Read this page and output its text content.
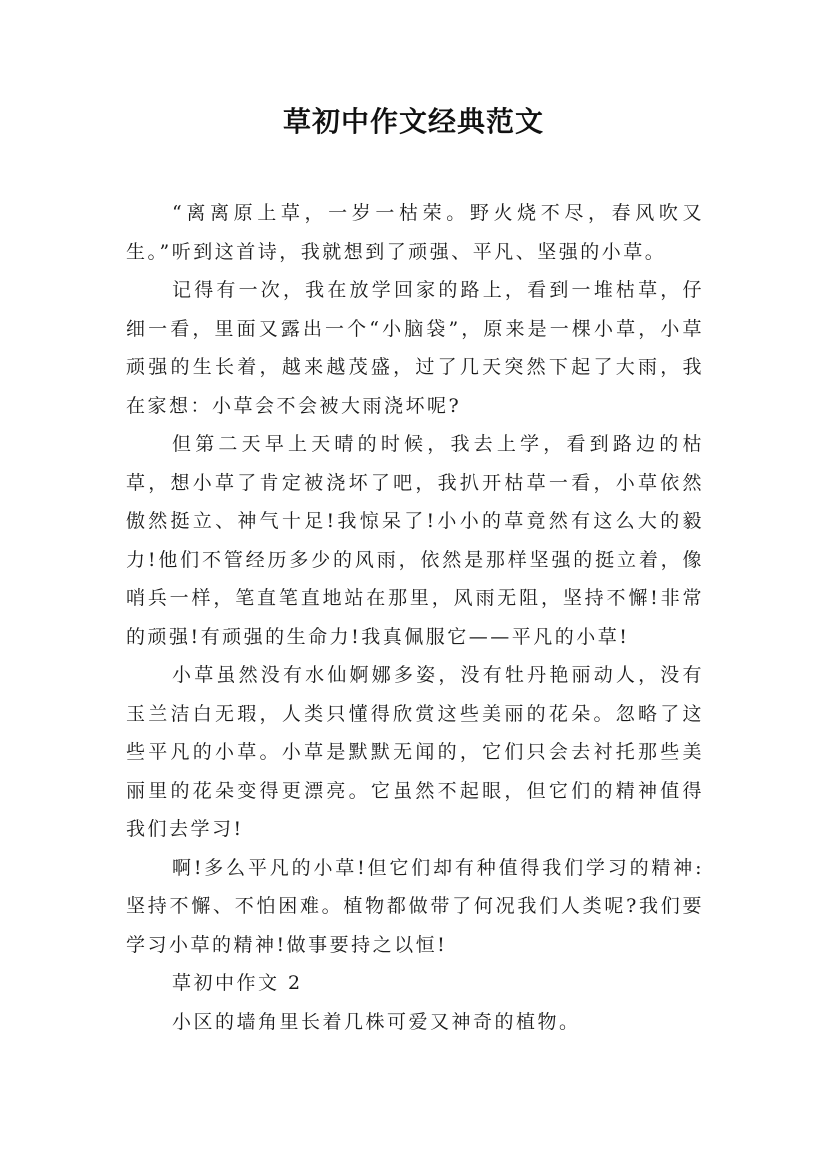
草初中作文经典范文

“离离原上草，一岁一枯荣。野火烧不尽，春风吹又生。”听到这首诗，我就想到了顽强、平凡、坚强的小草。

记得有一次，我在放学回家的路上，看到一堆枯草，仔细一看，里面又露出一个“小脑袋”，原来是一棵小草，小草顽强的生长着，越来越茂盛，过了几天突然下起了大雨，我在家想：小草会不会被大雨浇坏呢?

但第二天早上天晴的时候，我去上学，看到路边的枯草，想小草了肯定被浇坏了吧，我扒开枯草一看，小草依然傲然挺立、神气十足!我惊呆了!小小的草竟然有这么大的毅力!他们不管经历多少的风雨，依然是那样坚强的挺立着，像哨兵一样，笔直笔直地站在那里，风雨无阻，坚持不懈!非常的顽强!有顽强的生命力!我真佩服它——平凡的小草!

小草虽然没有水仙婀娜多姿，没有牡丹艳丽动人，没有玉兰洁白无瑕，人类只懂得欣赏这些美丽的花朵。忽略了这些平凡的小草。小草是默默无闻的，它们只会去衬托那些美丽里的花朵变得更漂亮。它虽然不起眼，但它们的精神值得我们去学习!

啊!多么平凡的小草!但它们却有种值得我们学习的精神:坚持不懈、不怕困难。植物都做带了何况我们人类呢?我们要学习小草的精神!做事要持之以恒!

草初中作文 2

小区的墙角里长着几株可爱又神奇的植物。
